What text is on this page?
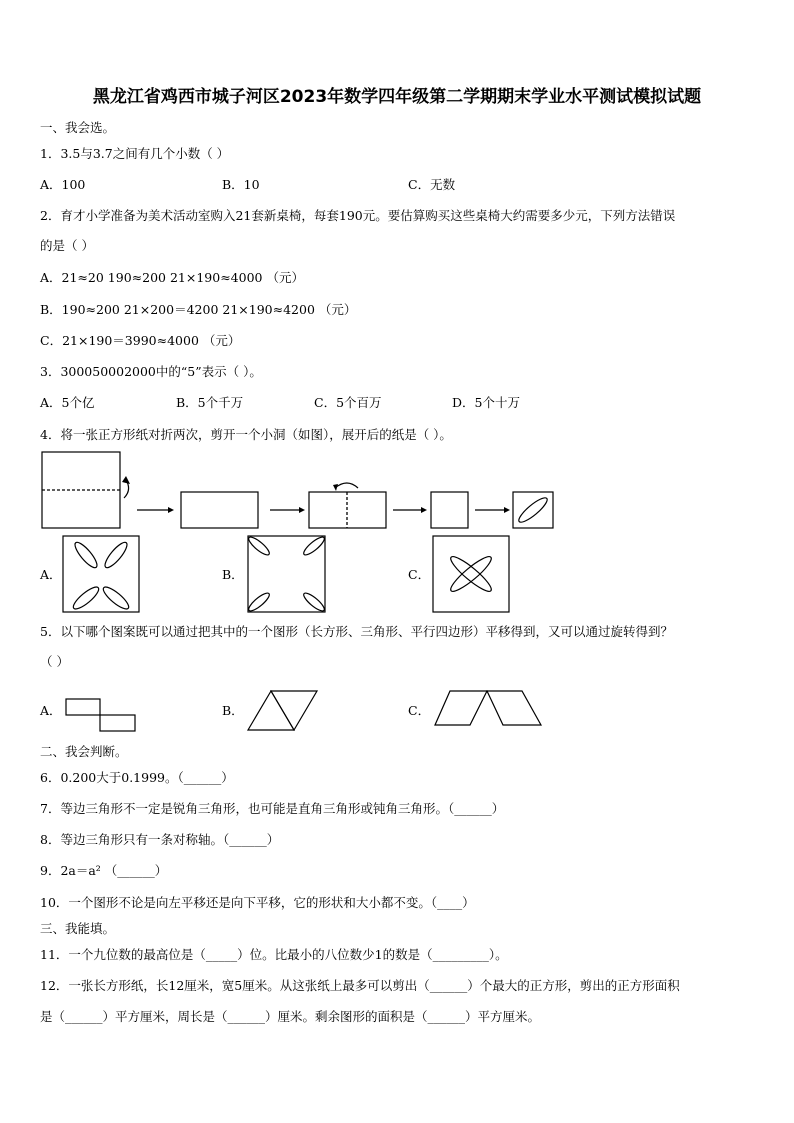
黑龙江省鸡西市城子河区2023年数学四年级第二学期期末学业水平测试模拟试题
一、我会选。
1．3.5与3.7之间有几个小数（ ）
A．100	B．10	C．无数
2．育才小学准备为美术活动室购入21套新桌椅，每套190元。要估算购买这些桌椅大约需要多少元，下列方法错误
的是（ ）
A．21≈20 190≈200 21×190≈4000 （元）
B．190≈200 21×200＝4200 21×190≈4200 （元）
C．21×190＝3990≈4000 （元）
3．300050002000中的“5”表示（ ）。
A．5个亿	B．5个千万	C．5个百万	D．5个十万
4．将一张正方形纸对折两次，剪开一个小洞（如图），展开后的纸是（ ）。
A．	B．	C．
5．以下哪个图案既可以通过把其中的一个图形（长方形、三角形、平行四边形）平移得到，又可以通过旋转得到？
（ ）
A．	B．	C．
二、我会判断。
6．0.200大于0.1999。（______）
7．等边三角形不一定是锐角三角形，也可能是直角三角形或钝角三角形。（______）
8．等边三角形只有一条对称轴。（______）
9．2a＝a² （______）
10．一个图形不论是向左平移还是向下平移，它的形状和大小都不变。（____）
三、我能填。
11．一个九位数的最高位是（_____）位。比最小的八位数少1的数是（_________）。
12．一张长方形纸，长12厘米，宽5厘米。从这张纸上最多可以剪出（______）个最大的正方形，剪出的正方形面积
是（______）平方厘米，周长是（______）厘米。剩余图形的面积是（______）平方厘米。
